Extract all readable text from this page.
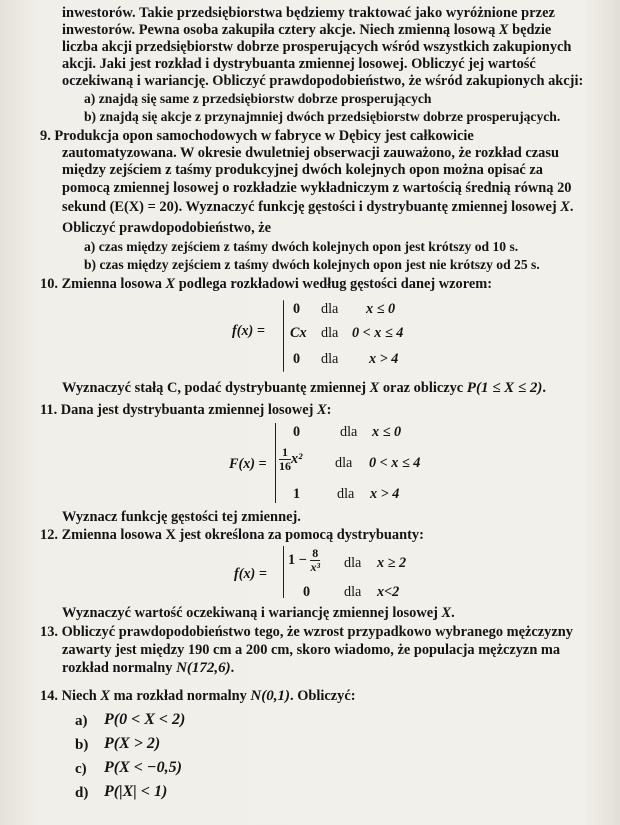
inwestorów. Takie przedsiębiorstwa będziemy traktować jako wyróżnione przez

inwestorów. Pewna osoba zakupiła cztery akcje. Niech zmienną losową X będzie

liczba akcji przedsiębiorstw dobrze prosperujących wśród wszystkich zakupionych

akcji. Jaki jest rozkład i dystrybuanta zmiennej losowej. Obliczyć jej wartość

oczekiwaną i wariancję. Obliczyć prawdopodobieństwo, że wśród zakupionych akcji:

a) znajdą się same z przedsiębiorstw dobrze prosperujących

b) znajdą się akcje z przynajmniej dwóch przedsiębiorstw dobrze prosperujących.

9. Produkcja opon samochodowych w fabryce w Dębicy jest całkowicie

zautomatyzowana. W okresie dwuletniej obserwacji zauważono, że rozkład czasu

między zejściem z taśmy produkcyjnej dwóch kolejnych opon można opisać za

pomocą zmiennej losowej o rozkładzie wykładniczym z wartością średnią równą 20

sekund (E(X) = 20). Wyznaczyć funkcję gęstości i dystrybuantę zmiennej losowej X.

Obliczyć prawdopodobieństwo, że

a) czas między zejściem z taśmy dwóch kolejnych opon jest krótszy od 10 s.

b) czas między zejściem z taśmy dwóch kolejnych opon jest nie krótszy od 25 s.

10. Zmienna losowa X podlega rozkładowi według gęstości danej wzorem:

f(x) =
0 dla x ≤ 0
Cx dla 0 < x ≤ 4
0 dla x > 4

Wyznaczyć stałą C, podać dystrybuantę zmiennej X oraz obliczyc P(1 ≤ X ≤ 2).

11. Dana jest dystrybuanta zmiennej losowej X:

F(x) =
0	dla x ≤ 0
$\frac{1}{16} x^2$ dla 0 < x ≤ 4
1	dla x > 4

Wyznacz funkcję gęstości tej zmiennej.

12. Zmienna losowa X jest określona za pomocą dystrybuanty:

f(x) =
$1 - \frac{8}{\text{x³}}$ dla x ≥ 2
0 dla x<2

Wyznaczyć wartość oczekiwaną i wariancję zmiennej losowej X.

13. Obliczyć prawdopodobieństwo tego, że wzrost przypadkowo wybranego mężczyzny

zawarty jest między 190 cm a 200 cm, skoro wiadomo, że populacja mężczyzn ma

rozkład normalny N(172,6).

14. Niech X ma rozkład normalny N(0,1). Obliczyć:

a) P(0 < X < 2)

b) P(X > 2)

c) P(X < −0,5)

d) P(|X| < 1)
